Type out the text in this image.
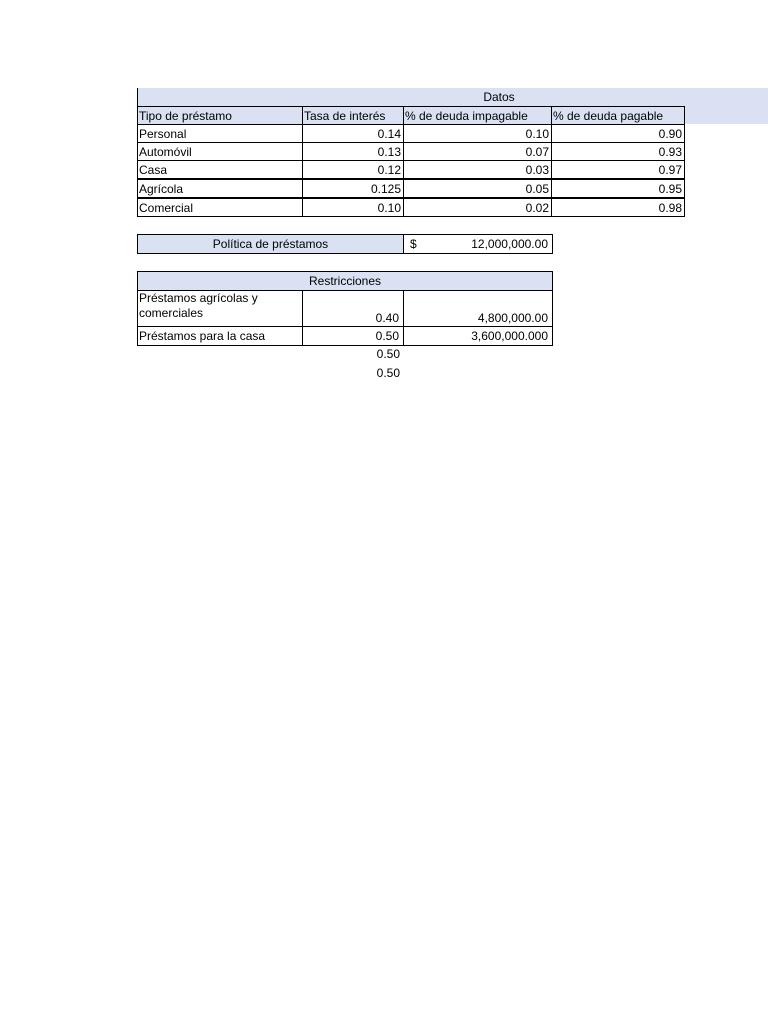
Datos
Tipo de préstamo	Tasa de interés	% de deuda impagable	% de deuda pagable
Personal	0.14	0.10	0.90
Automóvil	0.13	0.07	0.93
Casa	0.12	0.03	0.97
Agrícola	0.125	0.05	0.95
Comercial	0.10	0.02	0.98
Política de préstamos	$	12,000,000.00
Restricciones
Préstamos agrícolas y
comerciales	0.40	4,800,000.00
Préstamos para la casa	0.50	3,600,000.000
0.50
0.50
